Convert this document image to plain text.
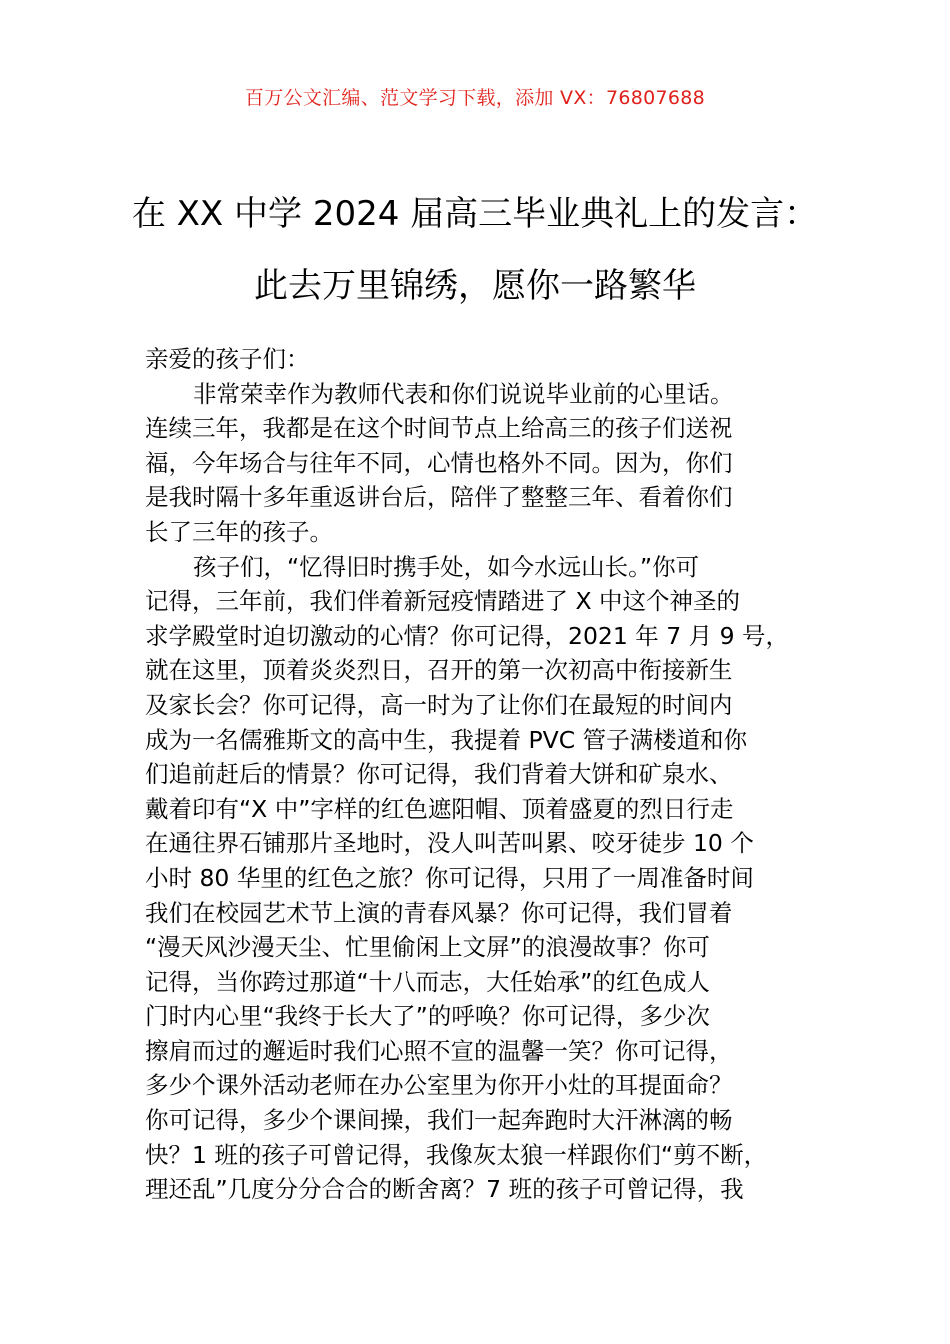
百万公文汇编、范文学习下载，添加 VX：76807688
在 XX 中学 2024 届高三毕业典礼上的发言：
此去万里锦绣，愿你一路繁华

亲爱的孩子们：

非常荣幸作为教师代表和你们说说毕业前的心里话。

连续三年，我都是在这个时间节点上给高三的孩子们送祝

福，今年场合与往年不同，心情也格外不同。因为，你们

是我时隔十多年重返讲台后，陪伴了整整三年、看着你们

长了三年的孩子。

孩子们，“忆得旧时携手处，如今水远山长。”你可

记得，三年前，我们伴着新冠疫情踏进了 X 中这个神圣的

求学殿堂时迫切激动的心情？你可记得，2021 年 7 月 9 号，

就在这里，顶着炎炎烈日，召开的第一次初高中衔接新生

及家长会？你可记得，高一时为了让你们在最短的时间内

成为一名儒雅斯文的高中生，我提着 PVC 管子满楼道和你

们追前赶后的情景？你可记得，我们背着大饼和矿泉水、

戴着印有“X 中”字样的红色遮阳帽、顶着盛夏的烈日行走

在通往界石铺那片圣地时，没人叫苦叫累、咬牙徒步 10 个

小时 80 华里的红色之旅？你可记得，只用了一周准备时间

我们在校园艺术节上演的青春风暴？你可记得，我们冒着

“漫天风沙漫天尘、忙里偷闲上文屏”的浪漫故事？你可

记得，当你跨过那道“十八而志，大任始承”的红色成人

门时内心里“我终于长大了”的呼唤？你可记得，多少次

擦肩而过的邂逅时我们心照不宣的温馨一笑？你可记得，

多少个课外活动老师在办公室里为你开小灶的耳提面命？

你可记得，多少个课间操，我们一起奔跑时大汗淋漓的畅

快？1 班的孩子可曾记得，我像灰太狼一样跟你们“剪不断，

理还乱”几度分分合合的断舍离？7 班的孩子可曾记得，我
